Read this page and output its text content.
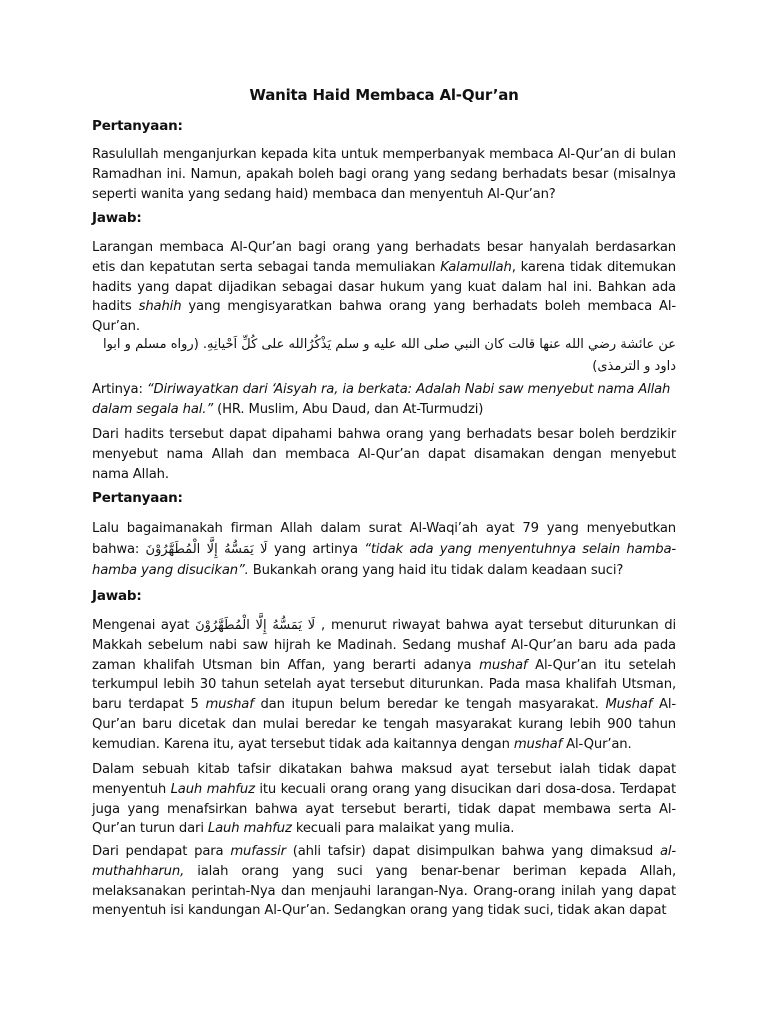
Wanita Haid Membaca Al-Qur’an
Pertanyaan:
Rasulullah menganjurkan kepada kita untuk memperbanyak membaca Al-Qur’an di bulan Ramadhan ini. Namun, apakah boleh bagi orang yang sedang berhadats besar (misalnya seperti wanita yang sedang haid) membaca dan menyentuh Al-Qur’an?
Jawab:
Larangan membaca Al-Qur’an bagi orang yang berhadats besar hanyalah berdasarkan etis dan kepatutan serta sebagai tanda memuliakan Kalamullah, karena tidak ditemukan hadits yang dapat dijadikan sebagai dasar hukum yang kuat dalam hal ini. Bahkan ada hadits shahih yang mengisyaratkan bahwa orang yang berhadats boleh membaca Al-Qur’an.
عن عائشة رضي الله عنها قالت كان النبي صلى الله عليه و سلم يَذْكُرُالله على كُلِّ اَحْيانِهِ. (رواه مسلم و ابوا داود و الترمذى)
Artinya: “Diriwayatkan dari ‘Aisyah ra, ia berkata: Adalah Nabi saw menyebut nama Allah dalam segala hal.” (HR. Muslim, Abu Daud, dan At-Turmudzi)
Dari hadits tersebut dapat dipahami bahwa orang yang berhadats besar boleh berdzikir menyebut nama Allah dan membaca Al-Qur’an dapat disamakan dengan menyebut nama Allah.
Pertanyaan:
Lalu bagaimanakah firman Allah dalam surat Al-Waqi’ah ayat 79 yang menyebutkan bahwa: لَا يَمَسُّهُ إِلَّا الْمُطَهَّرُوْنَ yang artinya “tidak ada yang menyentuhnya selain hamba-hamba yang disucikan”. Bukankah orang yang haid itu tidak dalam keadaan suci?
Jawab:
Mengenai ayat لَا يَمَسُّهُ إِلَّا الْمُطَهَّرُوْنَ , menurut riwayat bahwa ayat tersebut diturunkan di Makkah sebelum nabi saw hijrah ke Madinah. Sedang mushaf Al-Qur’an baru ada pada zaman khalifah Utsman bin Affan, yang berarti adanya mushaf Al-Qur’an itu setelah terkumpul lebih 30 tahun setelah ayat tersebut diturunkan. Pada masa khalifah Utsman, baru terdapat 5 mushaf dan itupun belum beredar ke tengah masyarakat. Mushaf Al-Qur’an baru dicetak dan mulai beredar ke tengah masyarakat kurang lebih 900 tahun kemudian. Karena itu, ayat tersebut tidak ada kaitannya dengan mushaf Al-Qur’an.
Dalam sebuah kitab tafsir dikatakan bahwa maksud ayat tersebut ialah tidak dapat menyentuh Lauh mahfuz itu kecuali orang orang yang disucikan dari dosa-dosa. Terdapat juga yang menafsirkan bahwa ayat tersebut berarti, tidak dapat membawa serta Al-Qur’an turun dari Lauh mahfuz kecuali para malaikat yang mulia.
Dari pendapat para mufassir (ahli tafsir) dapat disimpulkan bahwa yang dimaksud al-muthahharun, ialah orang yang suci yang benar-benar beriman kepada Allah, melaksanakan perintah-Nya dan menjauhi larangan-Nya. Orang-orang inilah yang dapat menyentuh isi kandungan Al-Qur’an. Sedangkan orang yang tidak suci, tidak akan dapat
